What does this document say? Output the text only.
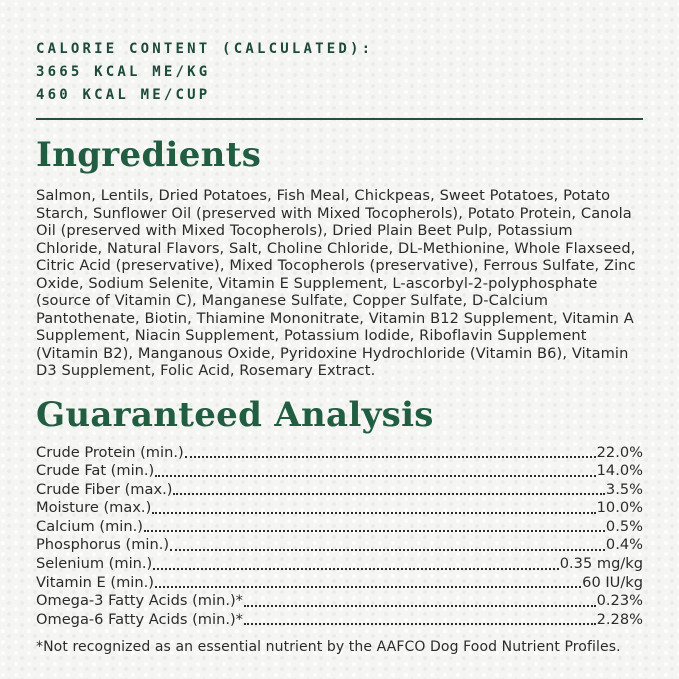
CALORIE CONTENT (CALCULATED):
3665 KCAL ME/KG
460 KCAL ME/CUP
Ingredients

Salmon, Lentils, Dried Potatoes, Fish Meal, Chickpeas, Sweet Potatoes, Potato Starch, Sunflower Oil (preserved with Mixed Tocopherols), Potato Protein, Canola Oil (preserved with Mixed Tocopherols), Dried Plain Beet Pulp, Potassium Chloride, Natural Flavors, Salt, Choline Chloride, DL-Methionine, Whole Flaxseed, Citric Acid (preservative), Mixed Tocopherols (preservative), Ferrous Sulfate, Zinc Oxide, Sodium Selenite, Vitamin E Supplement, L-ascorbyl-2-polyphosphate (source of Vitamin C), Manganese Sulfate, Copper Sulfate, D-Calcium Pantothenate, Biotin, Thiamine Mononitrate, Vitamin B12 Supplement, Vitamin A Supplement, Niacin Supplement, Potassium Iodide, Riboflavin Supplement (Vitamin B2), Manganous Oxide, Pyridoxine Hydrochloride (Vitamin B6), Vitamin D3 Supplement, Folic Acid, Rosemary Extract.

Guaranteed Analysis
Crude Protein (min.)	22.0%
Crude Fat (min.)	14.0%
Crude Fiber (max.)	3.5%
Moisture (max.)	10.0%
Calcium (min.)	0.5%
Phosphorus (min.)	0.4%
Selenium (min.)	0.35 mg/kg
Vitamin E (min.)	60 IU/kg
Omega-3 Fatty Acids (min.)*	0.23%
Omega-6 Fatty Acids (min.)*	2.28%

*Not recognized as an essential nutrient by the AAFCO Dog Food Nutrient Profiles.
